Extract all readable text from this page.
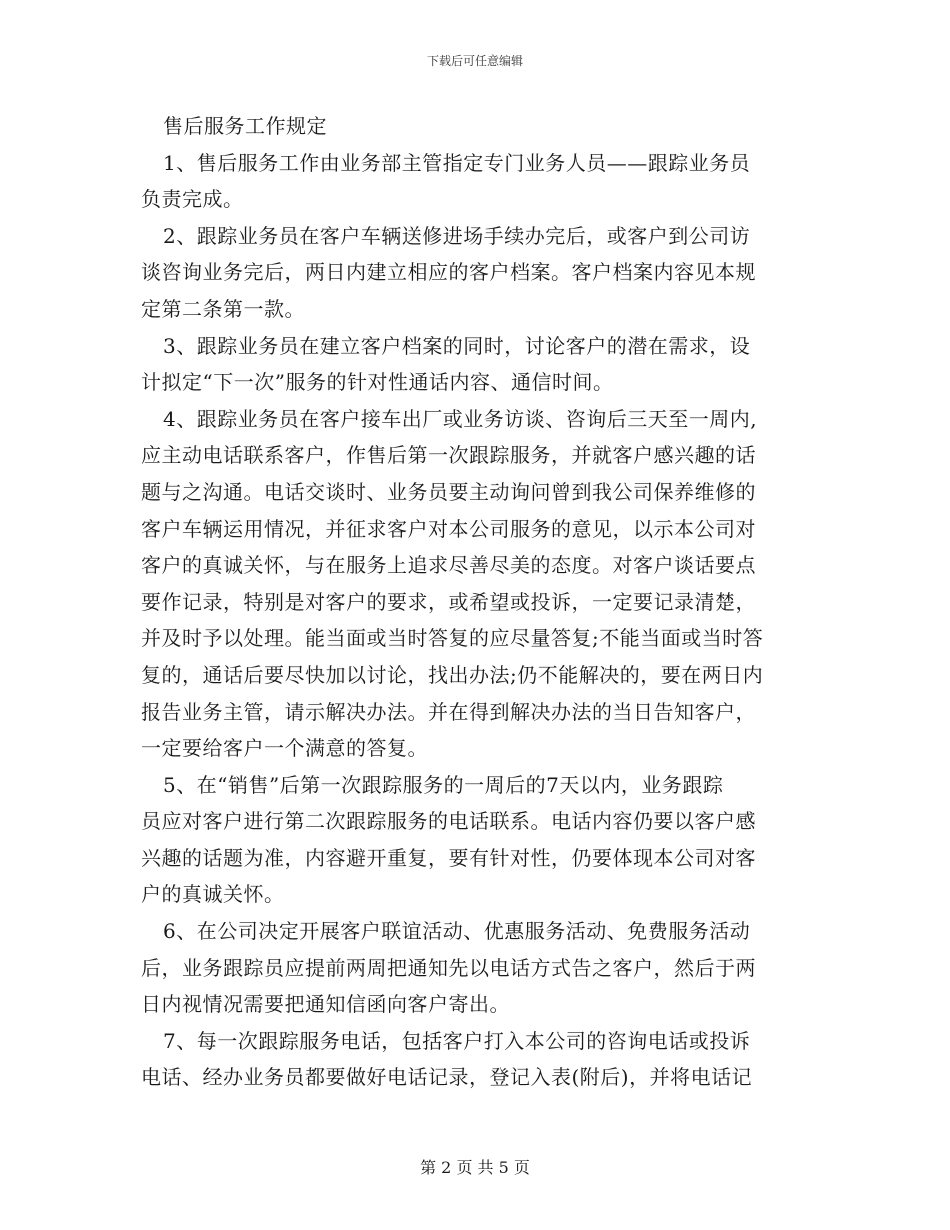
下载后可任意编辑
售后服务工作规定
1、售后服务工作由业务部主管指定专门业务人员——跟踪业务员
负责完成。
2、跟踪业务员在客户车辆送修进场手续办完后，或客户到公司访
谈咨询业务完后，两日内建立相应的客户档案。客户档案内容见本规
定第二条第一款。
3、跟踪业务员在建立客户档案的同时，讨论客户的潜在需求，设
计拟定“下一次”服务的针对性通话内容、通信时间。
4、跟踪业务员在客户接车出厂或业务访谈、咨询后三天至一周内,
应主动电话联系客户，作售后第一次跟踪服务，并就客户感兴趣的话
题与之沟通。电话交谈时、业务员要主动询问曾到我公司保养维修的
客户车辆运用情况，并征求客户对本公司服务的意见，以示本公司对
客户的真诚关怀，与在服务上追求尽善尽美的态度。对客户谈话要点
要作记录，特别是对客户的要求，或希望或投诉，一定要记录清楚，
并及时予以处理。能当面或当时答复的应尽量答复;不能当面或当时答
复的，通话后要尽快加以讨论，找出办法;仍不能解决的，要在两日内
报告业务主管，请示解决办法。并在得到解决办法的当日告知客户，
一定要给客户一个满意的答复。
5、在“销售”后第一次跟踪服务的一周后的7天以内，业务跟踪
员应对客户进行第二次跟踪服务的电话联系。电话内容仍要以客户感
兴趣的话题为准，内容避开重复，要有针对性，仍要体现本公司对客
户的真诚关怀。
6、在公司决定开展客户联谊活动、优惠服务活动、免费服务活动
后，业务跟踪员应提前两周把通知先以电话方式告之客户，然后于两
日内视情况需要把通知信函向客户寄出。
7、每一次跟踪服务电话，包括客户打入本公司的咨询电话或投诉
电话、经办业务员都要做好电话记录，登记入表(附后)，并将电话记
第 2 页 共 5 页
